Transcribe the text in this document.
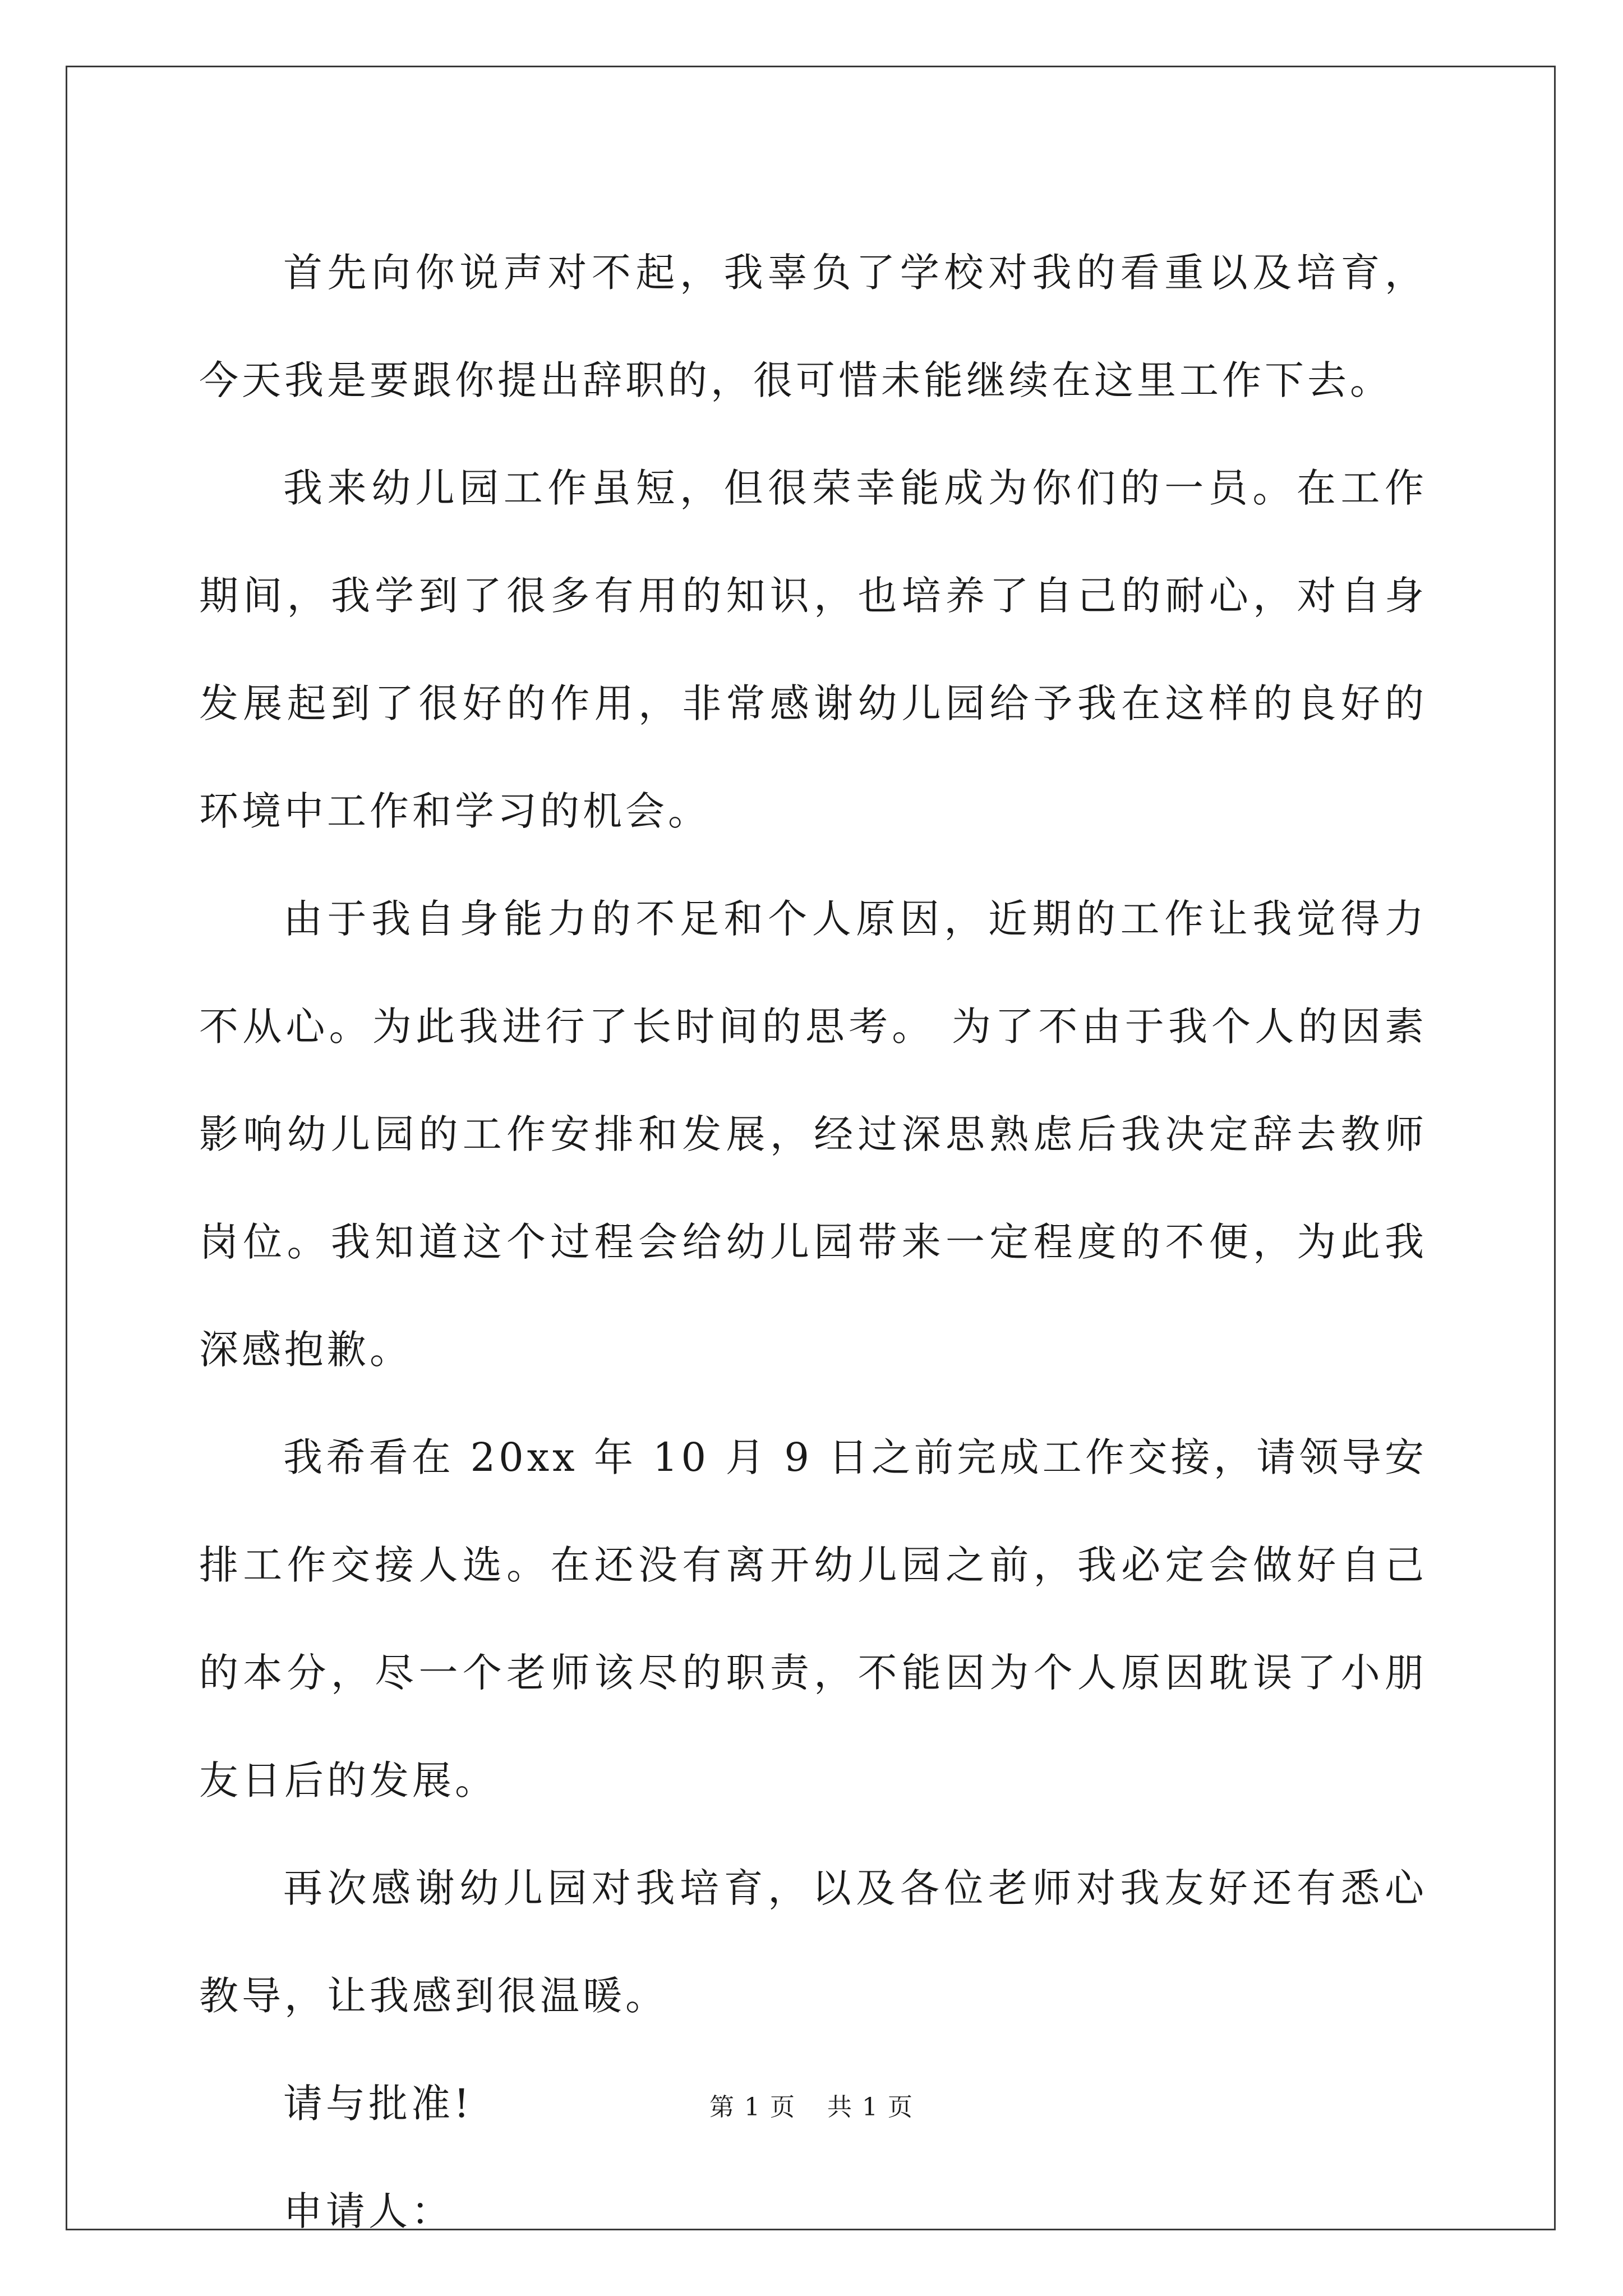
首先向你说声对不起，我辜负了学校对我的看重以及培育，今天我是要跟你提出辞职的，很可惜未能继续在这里工作下去。

我来幼儿园工作虽短，但很荣幸能成为你们的一员。在工作期间，我学到了很多有用的知识，也培养了自己的耐心，对自身发展起到了很好的作用，非常感谢幼儿园给予我在这样的良好的环境中工作和学习的机会。

由于我自身能力的不足和个人原因，近期的工作让我觉得力不从心。为此我进行了长时间的思考。 为了不由于我个人的因素影响幼儿园的工作安排和发展，经过深思熟虑后我决定辞去教师岗位。我知道这个过程会给幼儿园带来一定程度的不便，为此我深感抱歉。

我希看在 20xx 年 10 月 9 日之前完成工作交接，请领导安排工作交接人选。在还没有离开幼儿园之前，我必定会做好自己的本分，尽一个老师该尽的职责，不能因为个人原因耽误了小朋友日后的发展。

再次感谢幼儿园对我培育，以及各位老师对我友好还有悉心教导，让我感到很温暖。

请与批准!

申请人：

第 1 页 共 1 页
